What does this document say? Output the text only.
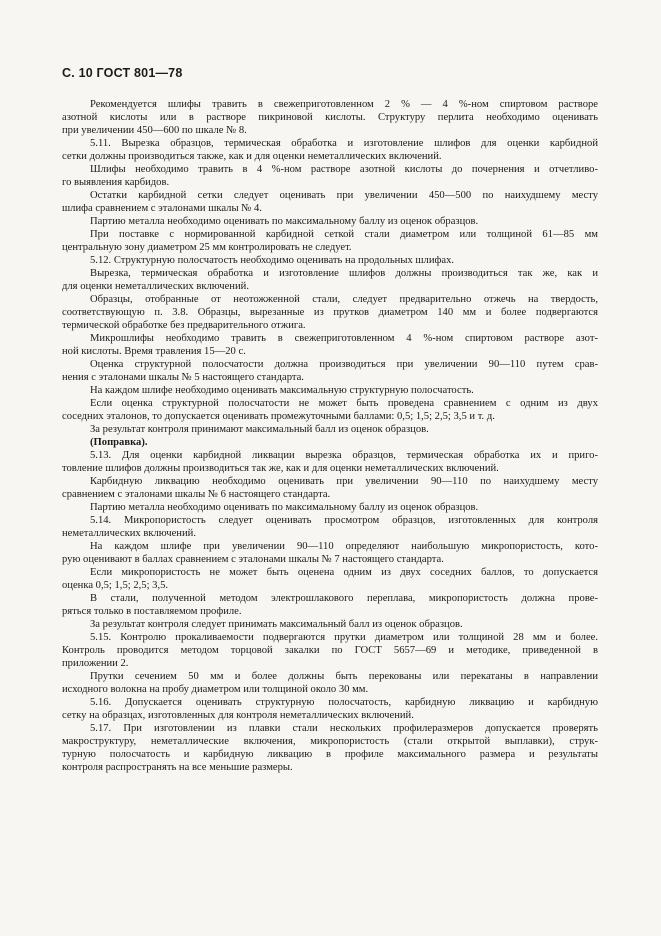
С. 10 ГОСТ 801—78

Рекомендуется шлифы травить в свежеприготовленном 2 % — 4 %-ном спиртовом растворе
азотной кислоты или в растворе пикриновой кислоты. Структуру перлита необходимо оценивать
при увеличении 450—600 по шкале № 8.

5.11. Вырезка образцов, термическая обработка и изготовление шлифов для оценки карбидной
сетки должны производиться также, как и для оценки неметаллических включений.

Шлифы необходимо травить в 4 %-ном растворе азотной кислоты до почернения и отчетливо-
го выявления карбидов.

Остатки карбидной сетки следует оценивать при увеличении 450—500 по наихудшему месту
шлифа сравнением с эталонами шкалы № 4.

Партию металла необходимо оценивать по максимальному баллу из оценок образцов.

При поставке с нормированной карбидной сеткой стали диаметром или толщиной 61—85 мм
центральную зону диаметром 25 мм контролировать не следует.

5.12. Структурную полосчатость необходимо оценивать на продольных шлифах.

Вырезка, термическая обработка и изготовление шлифов должны производиться так же, как и
для оценки неметаллических включений.

Образцы, отобранные от неотожженной стали, следует предварительно отжечь на твердость,
соответствующую п. 3.8. Образцы, вырезанные из прутков диаметром 140 мм и более подвергаются
термической обработке без предварительного отжига.

Микрошлифы необходимо травить в свежеприготовленном 4 %-ном спиртовом растворе азот-
ной кислоты. Время травления 15—20 с.

Оценка структурной полосчатости должна производиться при увеличении 90—110 путем срав-
нения с эталонами шкалы № 5 настоящего стандарта.

На каждом шлифе необходимо оценивать максимальную структурную полосчатость.

Если оценка структурной полосчатости не может быть проведена сравнением с одним из двух
соседних эталонов, то допускается оценивать промежуточными баллами: 0,5; 1,5; 2,5; 3,5 и т. д.

За результат контроля принимают максимальный балл из оценок образцов.

(Поправка).

5.13. Для оценки карбидной ликвации вырезка образцов, термическая обработка их и приго-
товление шлифов должны производиться так же, как и для оценки неметаллических включений.

Карбидную ликвацию необходимо оценивать при увеличении 90—110 по наихудшему месту
сравнением с эталонами шкалы № 6 настоящего стандарта.

Партию металла необходимо оценивать по максимальному баллу из оценок образцов.

5.14. Микропористость следует оценивать просмотром образцов, изготовленных для контроля
неметаллических включений.

На каждом шлифе при увеличении 90—110 определяют наибольшую микропористость, кото-
рую оценивают в баллах сравнением с эталонами шкалы № 7 настоящего стандарта.

Если микропористость не может быть оценена одним из двух соседних баллов, то допускается
оценка 0,5; 1,5; 2,5; 3,5.

В стали, полученной методом электрошлакового переплава, микропористость должна прове-
ряться только в поставляемом профиле.

За результат контроля следует принимать максимальный балл из оценок образцов.

5.15. Контролю прокаливаемости подвергаются прутки диаметром или толщиной 28 мм и более.
Контроль проводится методом торцовой закалки по ГОСТ 5657—69 и методике, приведенной в
приложении 2.

Прутки сечением 50 мм и более должны быть перекованы или перекатаны в направлении
исходного волокна на пробу диаметром или толщиной около 30 мм.

5.16. Допускается оценивать структурную полосчатость, карбидную ликвацию и карбидную
сетку на образцах, изготовленных для контроля неметаллических включений.

5.17. При изготовлении из плавки стали нескольких профилеразмеров допускается проверять
макроструктуру, неметаллические включения, микропористость (стали открытой выплавки), струк-
турную полосчатость и карбидную ликвацию в профиле максимального размера и результаты
контроля распространять на все меньшие размеры.
